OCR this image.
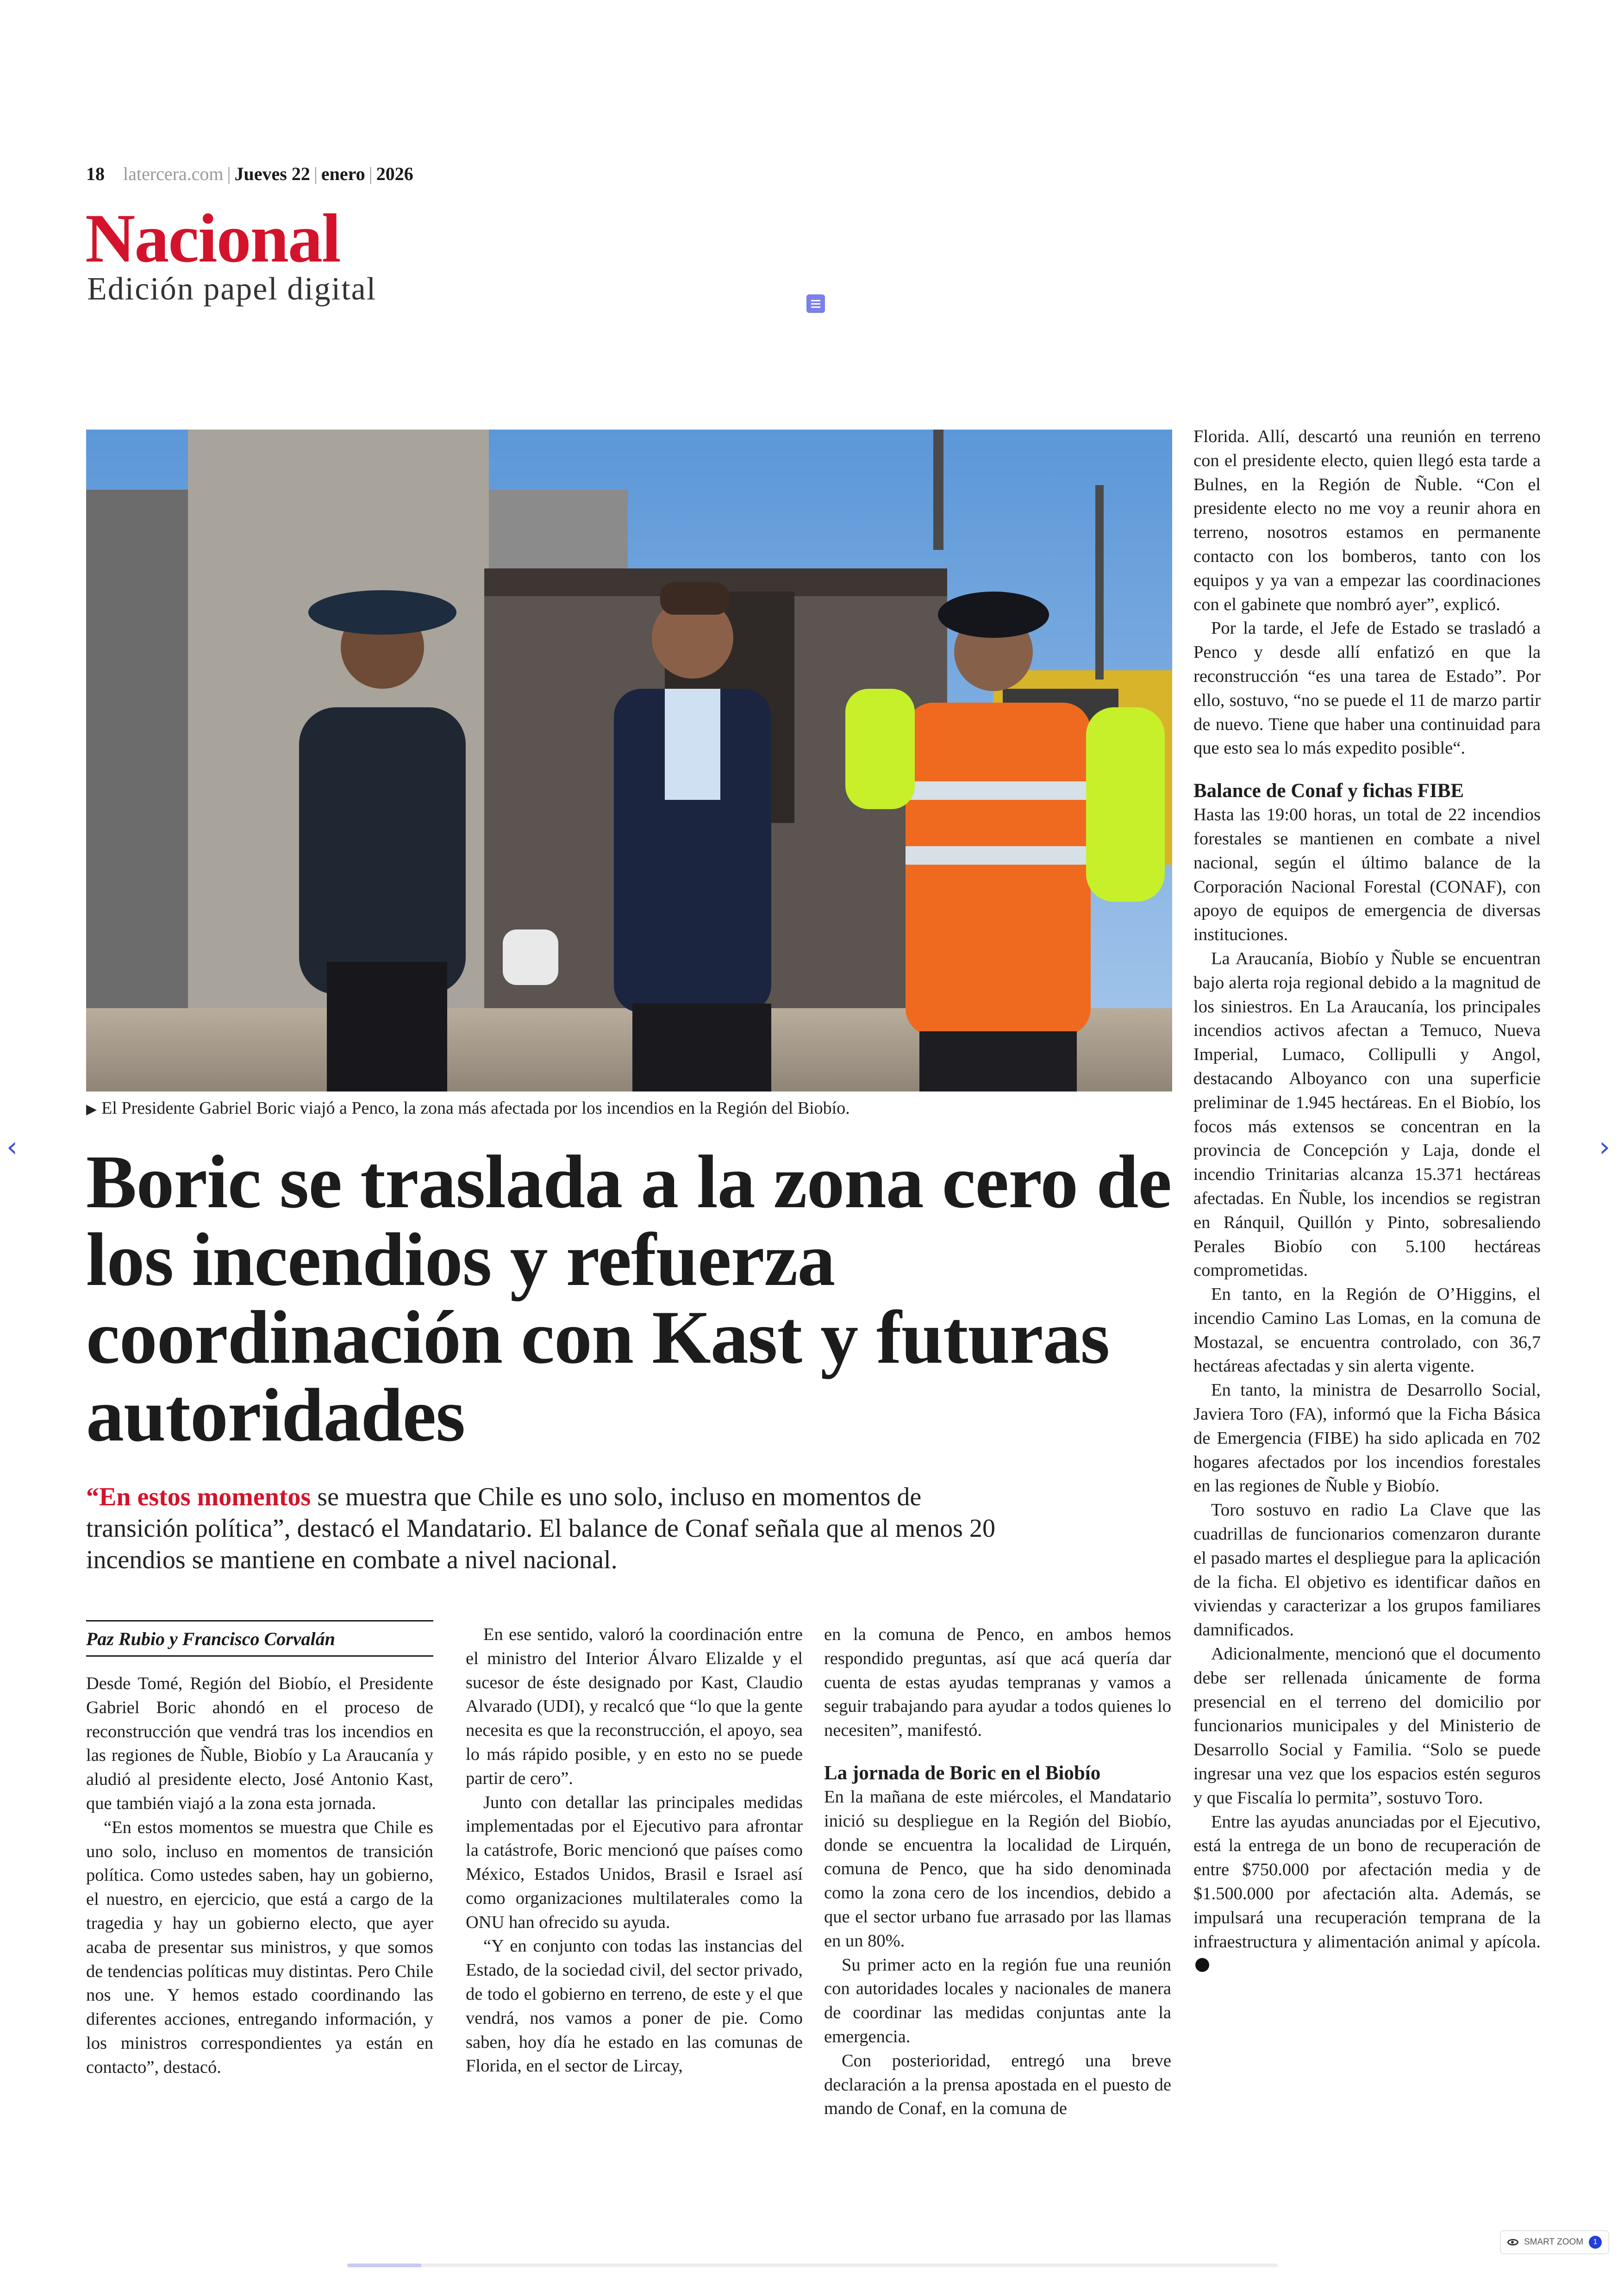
18 latercera.com | Jueves 22 | enero | 2026
Nacional
Edición papel digital
▶ El Presidente Gabriel Boric viajó a Penco, la zona más afectada por los incendios en la Región del Biobío.
Boric se traslada a la zona cero de los incendios y refuerza coordinación con Kast y futuras autoridades
“En estos momentos se muestra que Chile es uno solo, incluso en momentos de transición política”, destacó el Mandatario. El balance de Conaf señala que al menos 20 incendios se mantiene en combate a nivel nacional.
Paz Rubio y Francisco Corvalán

Desde Tomé, Región del Biobío, el Presidente Gabriel Boric ahondó en el proceso de reconstrucción que vendrá tras los incendios en las regiones de Ñuble, Biobío y La Araucanía y aludió al presidente electo, José Antonio Kast, que también viajó a la zona esta jornada.

“En estos momentos se muestra que Chile es uno solo, incluso en momentos de transición política. Como ustedes saben, hay un gobierno, el nuestro, en ejercicio, que está a cargo de la tragedia y hay un gobierno electo, que ayer acaba de presentar sus ministros, y que somos de tendencias políticas muy distintas. Pero Chile nos une. Y hemos estado coordinando las diferentes acciones, entregando información, y los ministros correspondientes ya están en contacto”, destacó.

En ese sentido, valoró la coordinación entre el ministro del Interior Álvaro Elizalde y el sucesor de éste designado por Kast, Claudio Alvarado (UDI), y recalcó que “lo que la gente necesita es que la reconstrucción, el apoyo, sea lo más rápido posible, y en esto no se puede partir de cero”.

Junto con detallar las principales medidas implementadas por el Ejecutivo para afrontar la catástrofe, Boric mencionó que países como México, Estados Unidos, Brasil e Israel así como organizaciones multilaterales como la ONU han ofrecido su ayuda.

“Y en conjunto con todas las instancias del Estado, de la sociedad civil, del sector privado, de todo el gobierno en terreno, de este y el que vendrá, nos vamos a poner de pie. Como saben, hoy día he estado en las comunas de Florida, en el sector de Lircay,

en la comuna de Penco, en ambos hemos respondido preguntas, así que acá quería dar cuenta de estas ayudas tempranas y vamos a seguir trabajando para ayudar a todos quienes lo necesiten”, manifestó.

La jornada de Boric en el Biobío

En la mañana de este miércoles, el Mandatario inició su despliegue en la Región del Biobío, donde se encuentra la localidad de Lirquén, comuna de Penco, que ha sido denominada como la zona cero de los incendios, debido a que el sector urbano fue arrasado por las llamas en un 80%.

Su primer acto en la región fue una reunión con autoridades locales y nacionales de manera de coordinar las medidas conjuntas ante la emergencia.

Con posterioridad, entregó una breve declaración a la prensa apostada en el puesto de mando de Conaf, en la comuna de

Florida. Allí, descartó una reunión en terreno con el presidente electo, quien llegó esta tarde a Bulnes, en la Región de Ñuble. “Con el presidente electo no me voy a reunir ahora en terreno, nosotros estamos en permanente contacto con los bomberos, tanto con los equipos y ya van a empezar las coordinaciones con el gabinete que nombró ayer”, explicó.

Por la tarde, el Jefe de Estado se trasladó a Penco y desde allí enfatizó en que la reconstrucción “es una tarea de Estado”. Por ello, sostuvo, “no se puede el 11 de marzo partir de nuevo. Tiene que haber una continuidad para que esto sea lo más expedito posible“.

Balance de Conaf y fichas FIBE

Hasta las 19:00 horas, un total de 22 incendios forestales se mantienen en combate a nivel nacional, según el último balance de la Corporación Nacional Forestal (CONAF), con apoyo de equipos de emergencia de diversas instituciones.

La Araucanía, Biobío y Ñuble se encuentran bajo alerta roja regional debido a la magnitud de los siniestros. En La Araucanía, los principales incendios activos afectan a Temuco, Nueva Imperial, Lumaco, Collipulli y Angol, destacando Alboyanco con una superficie preliminar de 1.945 hectáreas. En el Biobío, los focos más extensos se concentran en la provincia de Concepción y Laja, donde el incendio Trinitarias alcanza 15.371 hectáreas afectadas. En Ñuble, los incendios se registran en Ránquil, Quillón y Pinto, sobresaliendo Perales Biobío con 5.100 hectáreas comprometidas.

En tanto, en la Región de O’Higgins, el incendio Camino Las Lomas, en la comuna de Mostazal, se encuentra controlado, con 36,7 hectáreas afectadas y sin alerta vigente.

En tanto, la ministra de Desarrollo Social, Javiera Toro (FA), informó que la Ficha Básica de Emergencia (FIBE) ha sido aplicada en 702 hogares afectados por los incendios forestales en las regiones de Ñuble y Biobío.

Toro sostuvo en radio La Clave que las cuadrillas de funcionarios comenzaron durante el pasado martes el despliegue para la aplicación de la ficha. El objetivo es identificar daños en viviendas y caracterizar a los grupos familiares damnificados.

Adicionalmente, mencionó que el documento debe ser rellenada únicamente de forma presencial en el terreno del domicilio por funcionarios municipales y del Ministerio de Desarrollo Social y Familia. “Solo se puede ingresar una vez que los espacios estén seguros y que Fiscalía lo permita”, sostuvo Toro.

Entre las ayudas anunciadas por el Ejecutivo, está la entrega de un bono de recuperación de entre $750.000 por afectación media y de $1.500.000 por afectación alta. Además, se impulsará una recuperación temprana de la infraestructura y alimentación animal y apícola.

‹	›
SMART ZOOM	1
